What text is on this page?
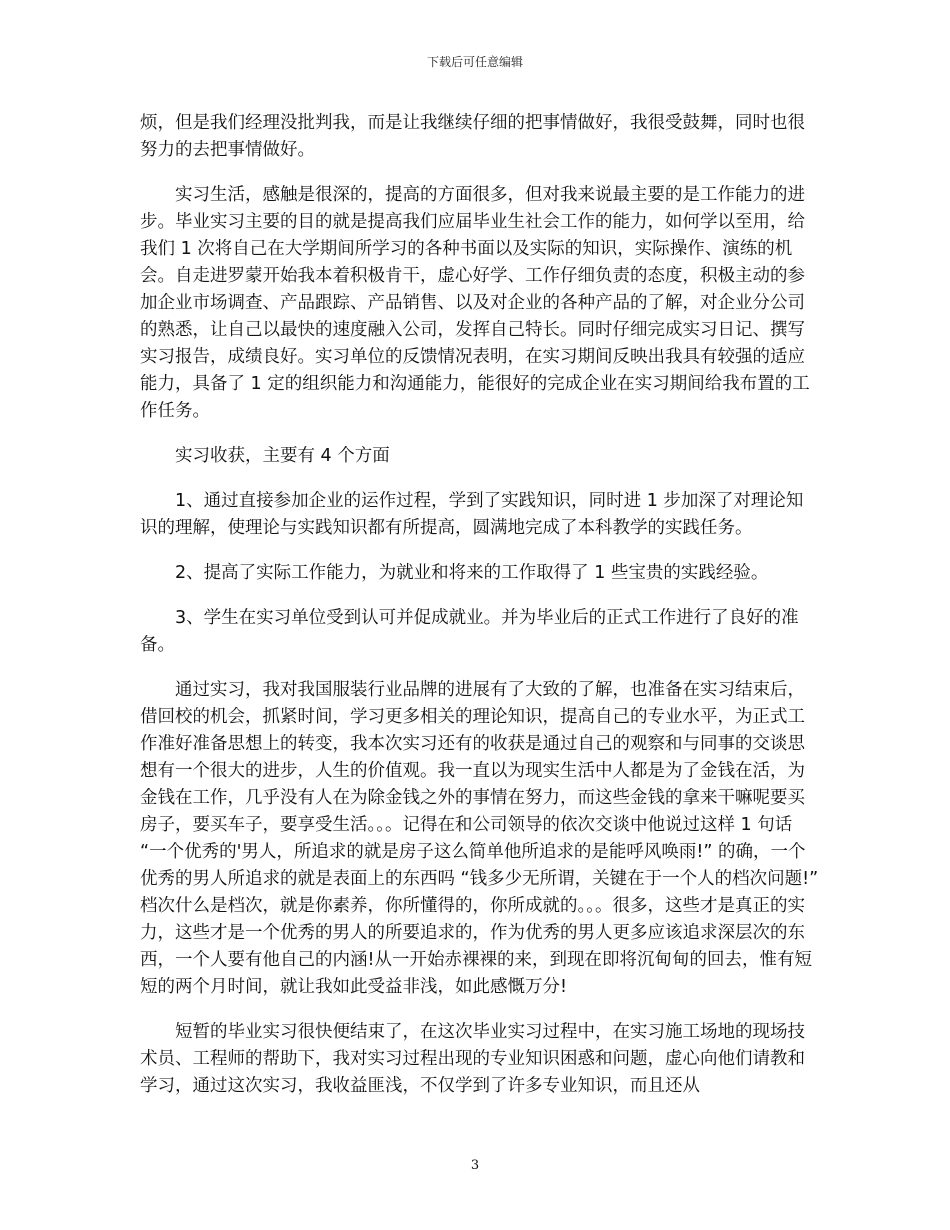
下载后可任意编辑

烦，但是我们经理没批判我，而是让我继续仔细的把事情做好，我很受鼓舞，同时也很努力的去把事情做好。

实习生活，感触是很深的，提高的方面很多，但对我来说最主要的是工作能力的进步。毕业实习主要的目的就是提高我们应届毕业生社会工作的能力，如何学以至用，给我们 1 次将自己在大学期间所学习的各种书面以及实际的知识，实际操作、演练的机会。自走进罗蒙开始我本着积极肯干，虚心好学、工作仔细负责的态度，积极主动的参加企业市场调查、产品跟踪、产品销售、以及对企业的各种产品的了解，对企业分公司的熟悉，让自己以最快的速度融入公司，发挥自己特长。同时仔细完成实习日记、撰写实习报告，成绩良好。实习单位的反馈情况表明，在实习期间反映出我具有较强的适应能力，具备了 1 定的组织能力和沟通能力，能很好的完成企业在实习期间给我布置的工作任务。

实习收获，主要有 4 个方面

1、通过直接参加企业的运作过程，学到了实践知识，同时进 1 步加深了对理论知识的理解，使理论与实践知识都有所提高，圆满地完成了本科教学的实践任务。

2、提高了实际工作能力，为就业和将来的工作取得了 1 些宝贵的实践经验。

3、学生在实习单位受到认可并促成就业。并为毕业后的正式工作进行了良好的准备。

通过实习，我对我国服装行业品牌的进展有了大致的了解，也准备在实习结束后，借回校的机会，抓紧时间，学习更多相关的理论知识，提高自己的专业水平，为正式工作准好准备思想上的转变，我本次实习还有的收获是通过自己的观察和与同事的交谈思想有一个很大的进步，人生的价值观。我一直以为现实生活中人都是为了金钱在活，为金钱在工作，几乎没有人在为除金钱之外的事情在努力，而这些金钱的拿来干嘛呢要买房子，要买车子，要享受生活。。。记得在和公司领导的依次交谈中他说过这样 1 句话 “一个优秀的'男人，所追求的就是房子这么简单他所追求的是能呼风唤雨!” 的确，一个优秀的男人所追求的就是表面上的东西吗 “钱多少无所谓，关键在于一个人的档次问题!” 档次什么是档次，就是你素养，你所懂得的，你所成就的。。。很多，这些才是真正的实力，这些才是一个优秀的男人的所要追求的，作为优秀的男人更多应该追求深层次的东西，一个人要有他自己的内涵!从一开始赤裸裸的来，到现在即将沉甸甸的回去，惟有短短的两个月时间，就让我如此受益非浅，如此感慨万分!

短暂的毕业实习很快便结束了，在这次毕业实习过程中，在实习施工场地的现场技术员、工程师的帮助下，我对实习过程出现的专业知识困惑和问题，虚心向他们请教和学习，通过这次实习，我收益匪浅，不仅学到了许多专业知识，而且还从

3
